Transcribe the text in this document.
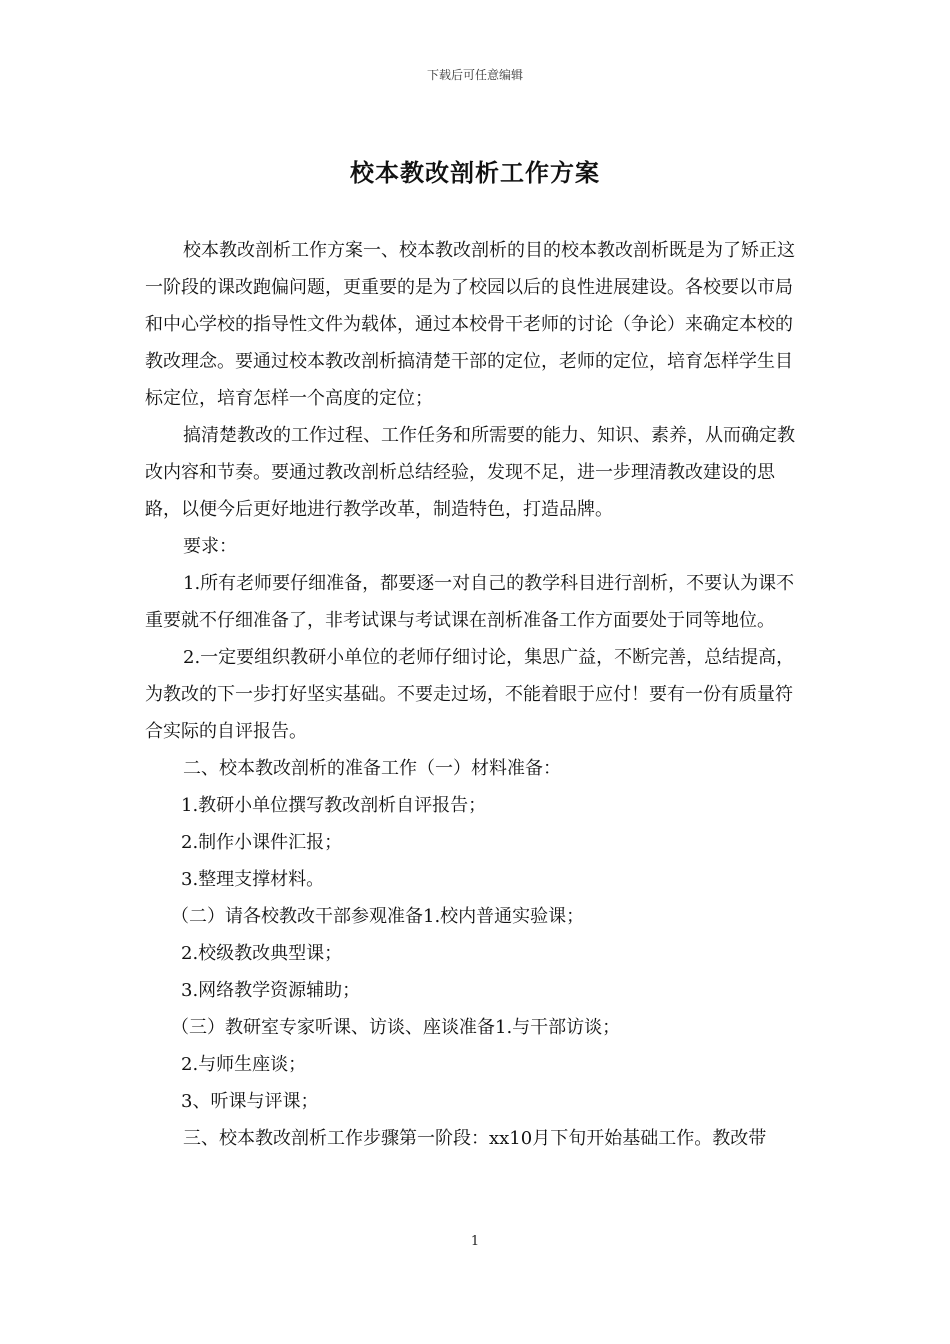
下载后可任意编辑
校本教改剖析工作方案

校本教改剖析工作方案一、校本教改剖析的目的校本教改剖析既是为了矫正这一阶段的课改跑偏问题，更重要的是为了校园以后的良性进展建设。各校要以市局和中心学校的指导性文件为载体，通过本校骨干老师的讨论（争论）来确定本校的教改理念。要通过校本教改剖析搞清楚干部的定位，老师的定位，培育怎样学生目标定位，培育怎样一个高度的定位；

搞清楚教改的工作过程、工作任务和所需要的能力、知识、素养，从而确定教改内容和节奏。要通过教改剖析总结经验，发现不足，进一步理清教改建设的思路，以便今后更好地进行教学改革，制造特色，打造品牌。

要求：

1.所有老师要仔细准备，都要逐一对自己的教学科目进行剖析，不要认为课不重要就不仔细准备了，非考试课与考试课在剖析准备工作方面要处于同等地位。

2.一定要组织教研小单位的老师仔细讨论，集思广益，不断完善，总结提高，为教改的下一步打好坚实基础。不要走过场，不能着眼于应付！要有一份有质量符合实际的自评报告。

二、校本教改剖析的准备工作（一）材料准备：

1.教研小单位撰写教改剖析自评报告；

2.制作小课件汇报；

3.整理支撑材料。

（二）请各校教改干部参观准备1.校内普通实验课；

2.校级教改典型课；

3.网络教学资源辅助；

（三）教研室专家听课、访谈、座谈准备1.与干部访谈；

2.与师生座谈；

3、听课与评课；

三、校本教改剖析工作步骤第一阶段：xx10月下旬开始基础工作。教改带

1
